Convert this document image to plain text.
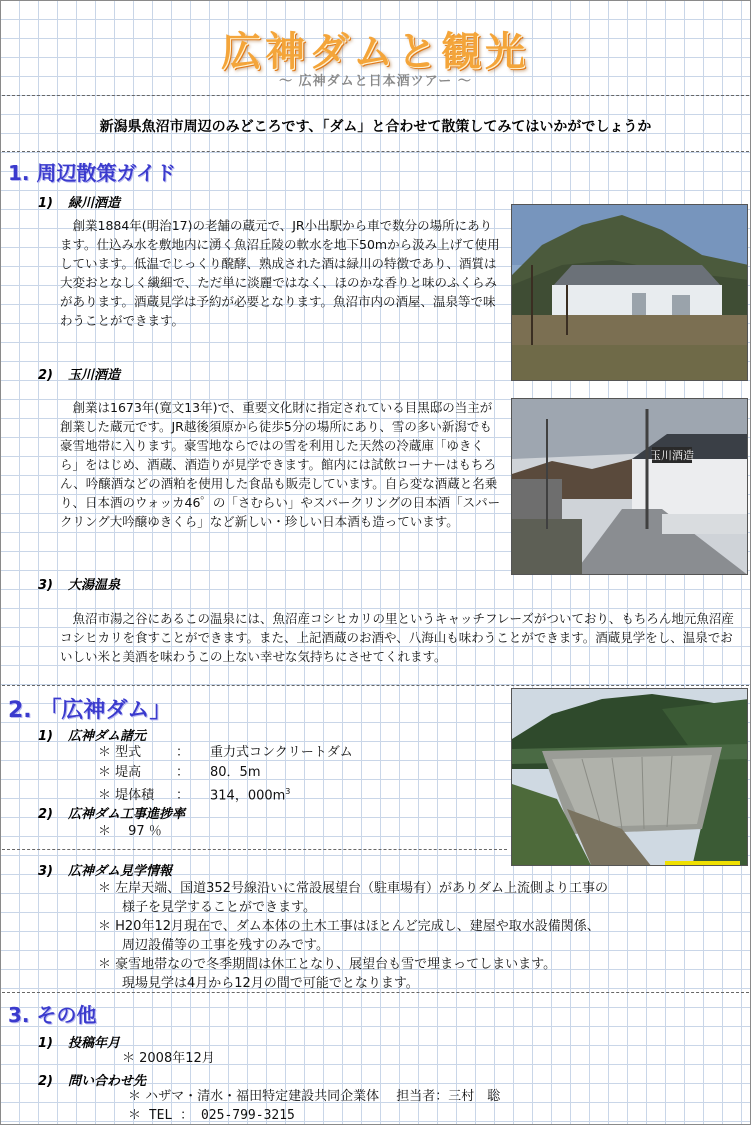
広神ダムと観光
～ 広神ダムと日本酒ツアー ～
新潟県魚沼市周辺のみどころです、「ダム」と合わせて散策してみてはいかがでしょうか
1. 周辺散策ガイド
1) 緑川酒造
創業1884年(明治17)の老舗の蔵元で、JR小出駅から車で数分の場所にあります。仕込み水を敷地内に湧く魚沼丘陵の軟水を地下50mから汲み上げて使用しています。低温でじっくり醗酵、熟成された酒は緑川の特徴であり、酒質は大変おとなしく繊細で、ただ単に淡麗ではなく、ほのかな香りと味のふくらみがあります。酒蔵見学は予約が必要となります。魚沼市内の酒屋、温泉等で味わうことができます。
2) 玉川酒造
創業は1673年(寛文13年)で、重要文化財に指定されている目黒邸の当主が創業した蔵元です。JR越後須原から徒歩5分の場所にあり、雪の多い新潟でも豪雪地帯に入ります。豪雪地ならではの雪を利用した天然の冷蔵庫「ゆきくら」をはじめ、酒蔵、酒造りが見学できます。館内には試飲コーナーはもちろん、吟醸酒などの酒粕を使用した食品も販売しています。自ら変な酒蔵と名乗り、日本酒のウォッカ46゜の「さむらい」やスパークリングの日本酒「スパークリング大吟醸ゆきくら」など新しい・珍しい日本酒も造っています。
玉川酒造
3) 大湯温泉
魚沼市湯之谷にあるこの温泉には、魚沼産コシヒカリの里というキャッチフレーズがついており、もちろん地元魚沼産コシヒカリを食すことができます。また、上記酒蔵のお酒や、八海山も味わうことができます。酒蔵見学をし、温泉でおいしい米と美酒を味わうこの上ない幸せな気持ちにさせてくれます。
2. 「広神ダム」
1) 広神ダム諸元
＊ 型式	： 重力式コンクリートダム
＊ 堤高	： 80．5m
＊ 堤体積 ： 314，$000m^3$
2) 広神ダム工事進捗率
＊　 97 ％
3) 広神ダム見学情報
＊ 左岸天端、国道352号線沿いに常設展望台（駐車場有）がありダム上流側より工事の
様子を見学することができます。
＊ H20年12月現在で、ダム本体の土木工事はほとんど完成し、建屋や取水設備関係、
周辺設備等の工事を残すのみです。
＊ 豪雪地帯なので冬季期間は休工となり、展望台も雪で埋まってしまいます。
現場見学は4月から12月の間で可能でとなります。
3. その他
1) 投稿年月
＊ 2008年12月
2) 問い合わせ先
＊ ハザマ・清水・福田特定建設共同企業体　 担当者：三村　聡
＊ TEL ： 025-799-3215
